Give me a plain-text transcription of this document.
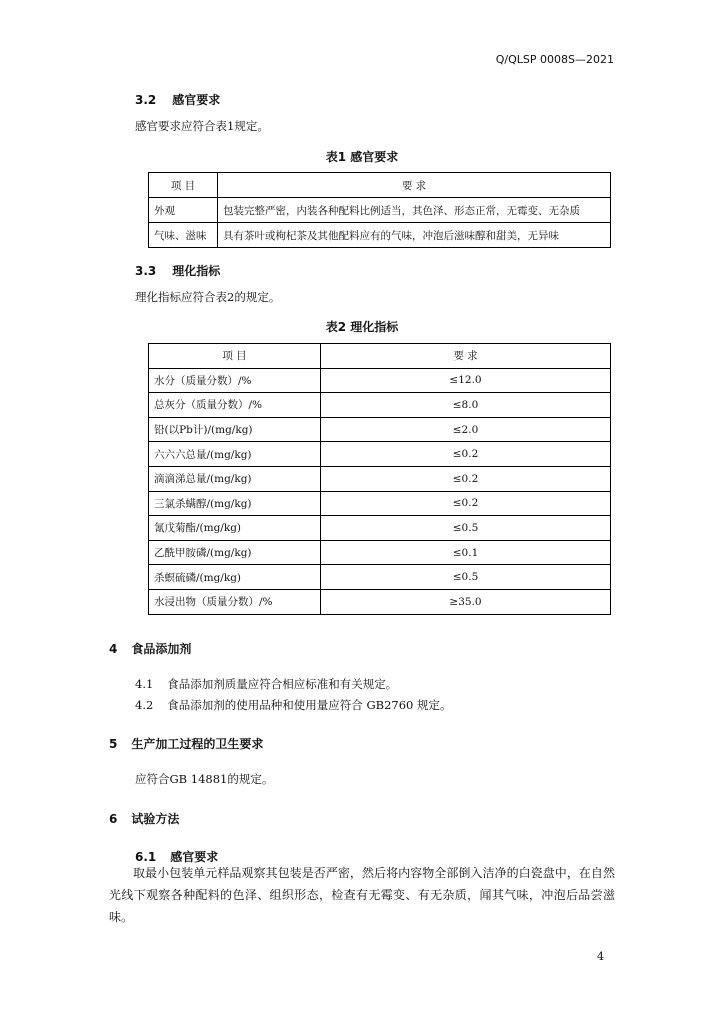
Q/QLSP 0008S—2021
3.2 感官要求
感官要求应符合表1规定。
表1 感官要求
项 目	要 求
外观	包装完整严密，内装各种配料比例适当，其色泽、形态正常，无霉变、无杂质
气味、滋味	具有茶叶或枸杞茶及其他配料应有的气味，冲泡后滋味醇和甜美，无异味
3.3 理化指标
理化指标应符合表2的规定。
表2 理化指标
项 目	要 求
水分（质量分数）/%	≤12.0
总灰分（质量分数）/%	≤8.0
铅(以Pb计)/(mg/kg)	≤2.0
六六六总量/(mg/kg)	≤0.2
滴滴涕总量/(mg/kg)	≤0.2
三氯杀螨醇/(mg/kg)	≤0.2
氰戊菊酯/(mg/kg)	≤0.5
乙酰甲胺磷/(mg/kg)	≤0.1
杀螟硫磷/(mg/kg)	≤0.5
水浸出物（质量分数）/%	≥35.0
4 食品添加剂
4.1 食品添加剂质量应符合相应标准和有关规定。
4.2 食品添加剂的使用品种和使用量应符合 GB2760 规定。
5 生产加工过程的卫生要求
应符合GB 14881的规定。
6 试验方法
6.1 感官要求
取最小包装单元样品观察其包装是否严密，然后将内容物全部倒入洁净的白瓷盘中，在自然光线下观察各种配料的色泽、组织形态，检查有无霉变、有无杂质，闻其气味，冲泡后品尝滋味。
4
